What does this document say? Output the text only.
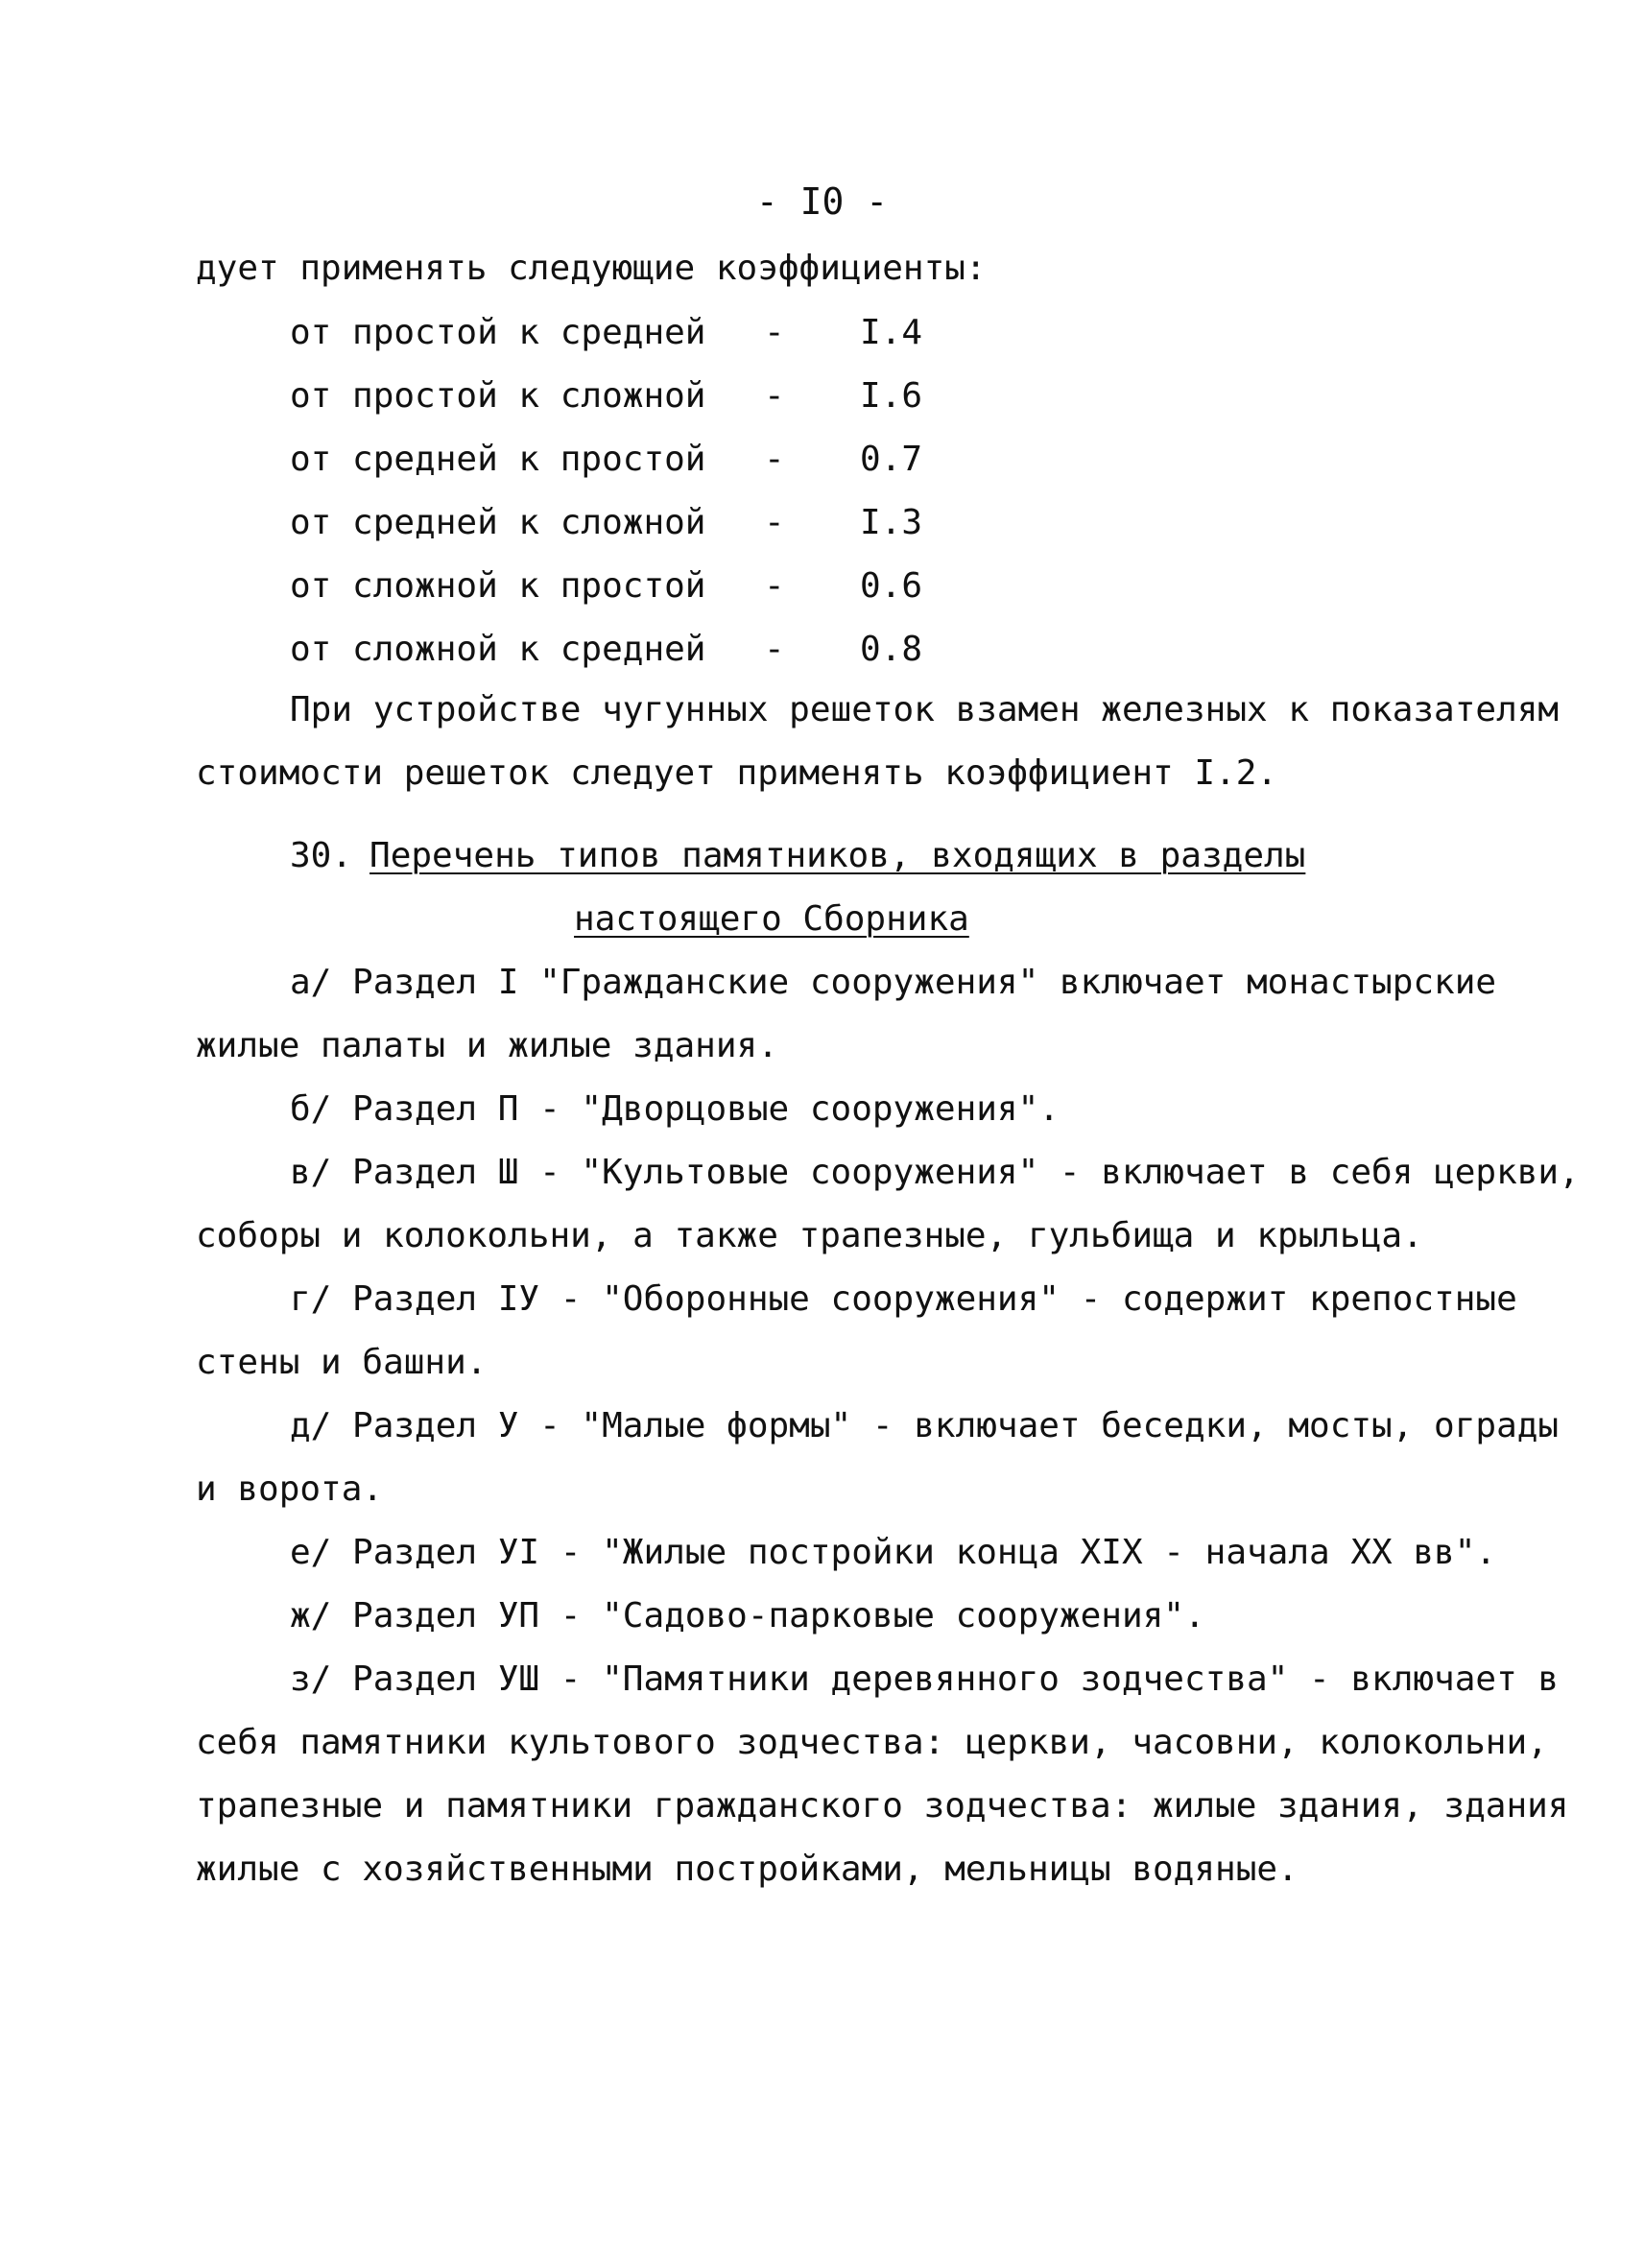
- I0 -
дует применять следующие коэффициенты:
от простой к средней - I.4
от простой к сложной - I.6
от средней к простой - 0.7
от средней к сложной - I.3
от сложной к простой - 0.6
от сложной к средней - 0.8
При устройстве чугунных решеток взамен железных к показателям
стоимости решеток следует применять коэффициент I.2.
30. Перечень типов памятников, входящих в разделы
настоящего Сборника
а/ Раздел I "Гражданские сооружения" включает монастырские
жилые палаты и жилые здания.
б/ Раздел П - "Дворцовые сооружения".
в/ Раздел Ш - "Культовые сооружения" - включает в себя церкви,
соборы и колокольни, а также трапезные, гульбища и крыльца.
г/ Раздел IУ - "Оборонные сооружения" - содержит крепостные
стены и башни.
д/ Раздел У - "Малые формы" - включает беседки, мосты, ограды
и ворота.
е/ Раздел УI - "Жилые постройки конца XIX - начала XX вв".
ж/ Раздел УП - "Садово-парковые сооружения".
з/ Раздел УШ - "Памятники деревянного зодчества" - включает в
себя памятники культового зодчества: церкви, часовни, колокольни,
трапезные и памятники гражданского зодчества: жилые здания, здания
жилые с хозяйственными постройками, мельницы водяные.
